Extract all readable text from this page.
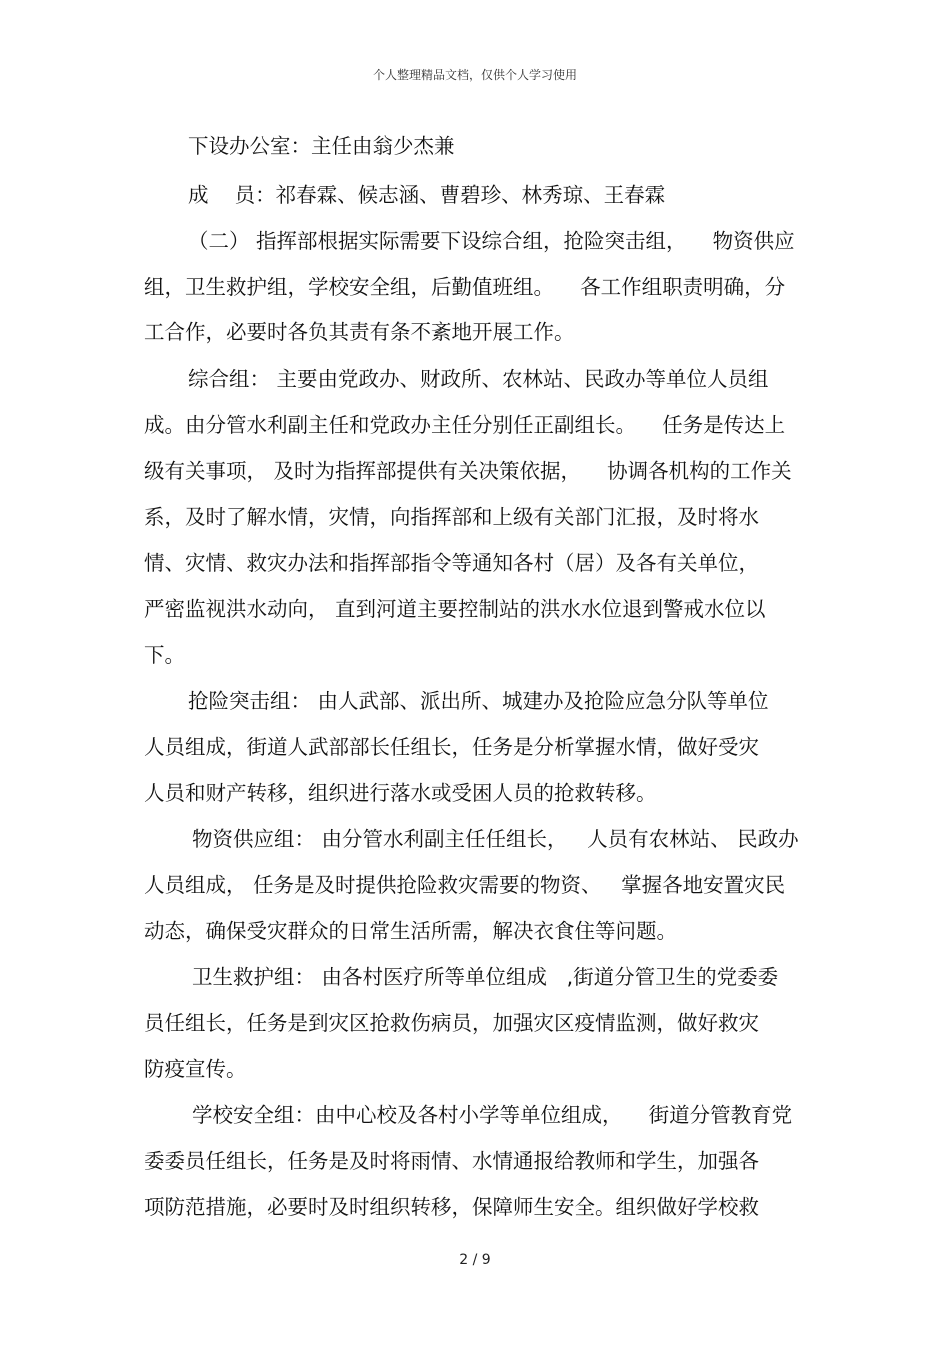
个人整理精品文档，仅供个人学习使用
下设办公室：主任由翁少杰兼
成    员：祁春霖、候志涵、曹碧珍、林秀琼、王春霖
（二） 指挥部根据实际需要下设综合组，抢险突击组，    物资供应
组，卫生救护组，学校安全组，后勤值班组。    各工作组职责明确，分
工合作，必要时各负其责有条不紊地开展工作。
综合组： 主要由党政办、财政所、农林站、民政办等单位人员组
成。由分管水利副主任和党政办主任分别任正副组长。    任务是传达上
级有关事项， 及时为指挥部提供有关决策依据，    协调各机构的工作关
系，及时了解水情，灾情，向指挥部和上级有关部门汇报，及时将水
情、灾情、救灾办法和指挥部指令等通知各村（居）及各有关单位，
严密监视洪水动向， 直到河道主要控制站的洪水水位退到警戒水位以
下。
抢险突击组： 由人武部、派出所、城建办及抢险应急分队等单位
人员组成，街道人武部部长任组长，任务是分析掌握水情，做好受灾
人员和财产转移，组织进行落水或受困人员的抢救转移。
物资供应组： 由分管水利副主任任组长，   人员有农林站、 民政办
人员组成， 任务是及时提供抢险救灾需要的物资、   掌握各地安置灾民
动态，确保受灾群众的日常生活所需，解决衣食住等问题。
卫生救护组： 由各村医疗所等单位组成   ,街道分管卫生的党委委
员任组长，任务是到灾区抢救伤病员，加强灾区疫情监测，做好救灾
防疫宣传。
学校安全组：由中心校及各村小学等单位组成，    街道分管教育党
委委员任组长，任务是及时将雨情、水情通报给教师和学生，加强各
项防范措施，必要时及时组织转移，保障师生安全。组织做好学校救
2 / 9
